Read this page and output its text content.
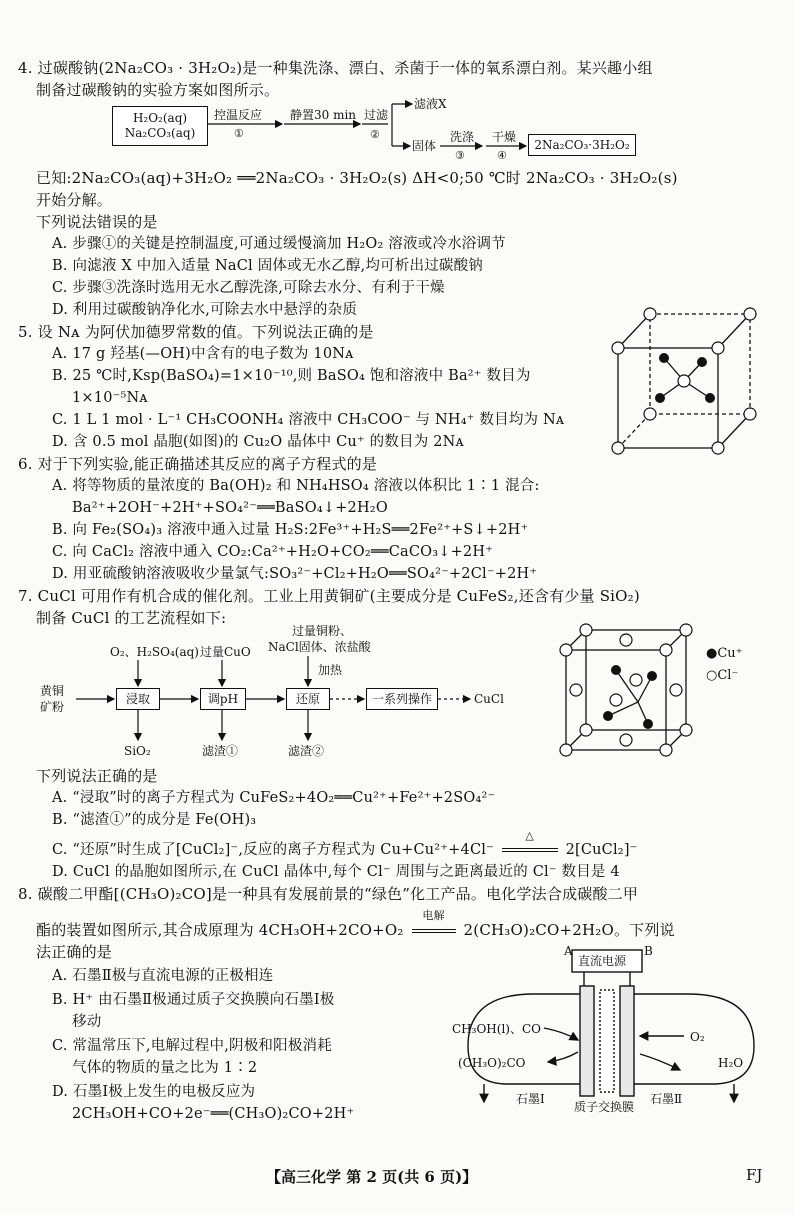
4. 过碳酸钠(2Na₂CO₃ · 3H₂O₂)是一种集洗涤、漂白、杀菌于一体的氧系漂白剂。某兴趣小组
制备过碳酸钠的实验方案如图所示。
H₂O₂(aq)
Na₂CO₃(aq)
2Na₂CO₃·3H₂O₂
控温反应
①
静置30 min 过滤
②
滤液X
固体
洗涤
③
干燥
④
已知:2Na₂CO₃(aq)+3H₂O₂ ══2Na₂CO₃ · 3H₂O₂(s) ΔH<0;50 ℃时 2Na₂CO₃ · 3H₂O₂(s)
开始分解。
下列说法错误的是
A. 步骤①的关键是控制温度,可通过缓慢滴加 H₂O₂ 溶液或冷水浴调节
B. 向滤液 X 中加入适量 NaCl 固体或无水乙醇,均可析出过碳酸钠
C. 步骤③洗涤时选用无水乙醇洗涤,可除去水分、有利于干燥
D. 利用过碳酸钠净化水,可除去水中悬浮的杂质
5. 设 Nᴀ 为阿伏加德罗常数的值。下列说法正确的是
A. 17 g 羟基(—OH)中含有的电子数为 10Nᴀ
B. 25 ℃时,Ksp(BaSO₄)=1×10⁻¹⁰,则 BaSO₄ 饱和溶液中 Ba²⁺ 数目为
1×10⁻⁵Nᴀ
C. 1 L 1 mol · L⁻¹ CH₃COONH₄ 溶液中 CH₃COO⁻ 与 NH₄⁺ 数目均为 Nᴀ
D. 含 0.5 mol 晶胞(如图)的 Cu₂O 晶体中 Cu⁺ 的数目为 2Nᴀ
6. 对于下列实验,能正确描述其反应的离子方程式的是
A. 将等物质的量浓度的 Ba(OH)₂ 和 NH₄HSO₄ 溶液以体积比 1∶1 混合:
Ba²⁺+2OH⁻+2H⁺+SO₄²⁻══BaSO₄↓+2H₂O
B. 向 Fe₂(SO₄)₃ 溶液中通入过量 H₂S:2Fe³⁺+H₂S══2Fe²⁺+S↓+2H⁺
C. 向 CaCl₂ 溶液中通入 CO₂:Ca²⁺+H₂O+CO₂══CaCO₃↓+2H⁺
D. 用亚硫酸钠溶液吸收少量氯气:SO₃²⁻+Cl₂+H₂O══SO₄²⁻+2Cl⁻+2H⁺
7. CuCl 可用作有机合成的催化剂。工业上用黄铜矿(主要成分是 CuFeS₂,还含有少量 SiO₂)
制备 CuCl 的工艺流程如下:
O₂、H₂SO₄(aq) 过量CuO
过量铜粉、
NaCl固体、浓盐酸
加热
黄铜
矿粉
浸取	调pH	还原	一系列操作	CuCl
SiO₂	滤渣①	滤渣②
●Cu⁺
○Cl⁻
下列说法正确的是
A. “浸取”时的离子方程式为 CuFeS₂+4O₂══Cu²⁺+Fe²⁺+2SO₄²⁻
B. “滤渣①”的成分是 Fe(OH)₃
C. “还原”时生成了[CuCl₂]⁻,反应的离子方程式为 Cu+Cu²⁺+4Cl⁻
△
2[CuCl₂]⁻
D. CuCl 的晶胞如图所示,在 CuCl 晶体中,每个 Cl⁻ 周围与之距离最近的 Cl⁻ 数目是 4
8. 碳酸二甲酯[(CH₃O)₂CO]是一种具有发展前景的“绿色”化工产品。电化学法合成碳酸二甲
酯的装置如图所示,其合成原理为 4CH₃OH+2CO+O₂
电解
2(CH₃O)₂CO+2H₂O。下列说
法正确的是
A. 石墨Ⅱ极与直流电源的正极相连
B. H⁺ 由石墨Ⅱ极通过质子交换膜向石墨Ⅰ极
移动
C. 常温常压下,电解过程中,阴极和阳极消耗
气体的物质的量之比为 1∶2
D. 石墨Ⅰ极上发生的电极反应为
2CH₃OH+CO+2e⁻══(CH₃O)₂CO+2H⁺
A	B
直流电源
CH₃OH(l)、CO
(CH₃O)₂CO
O₂
H₂O
石墨Ⅰ
质子交换膜
石墨Ⅱ
【高三化学 第 2 页(共 6 页)】	FJ
